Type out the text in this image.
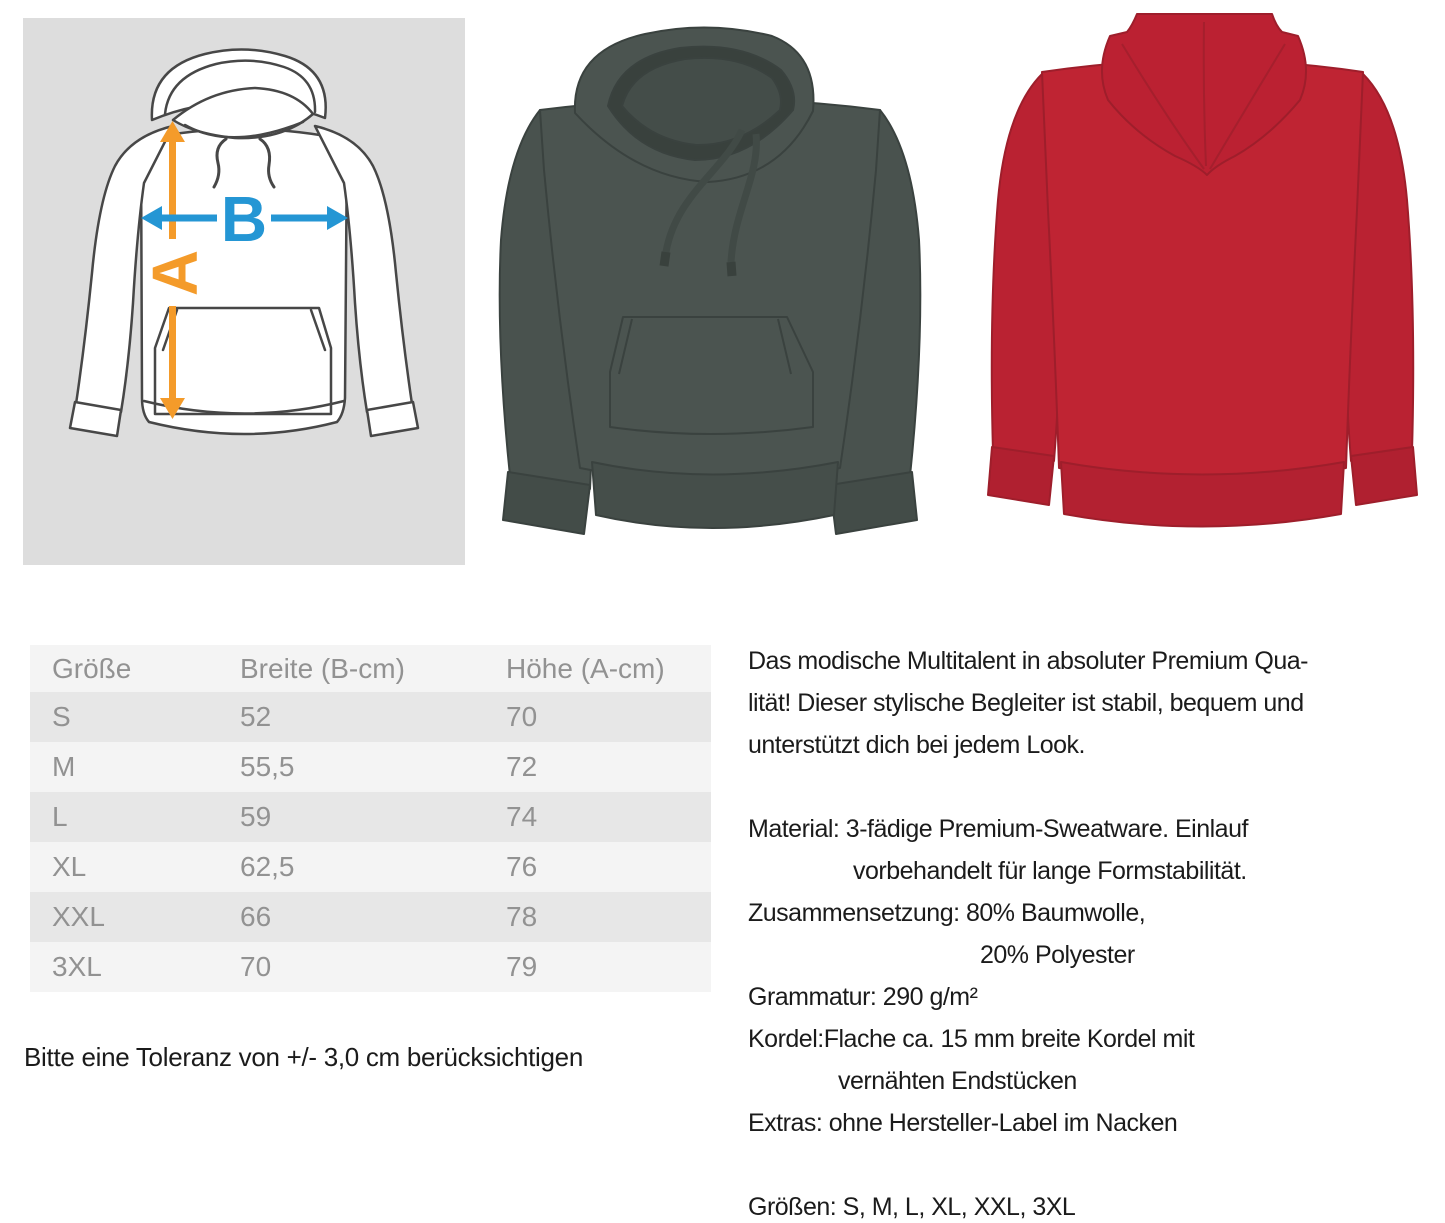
A
B
Größe	Breite (B-cm)	Höhe (A-cm)
S	52	70
M	55,5	72
L	59	74
XL	62,5	76
XXL	66	78
3XL	70	79
Bitte eine Toleranz von +/- 3,0 cm berücksichtigen
Das modische Multitalent in absoluter Premium Qua-
lität! Dieser stylische Begleiter ist stabil, bequem und
unterstützt dich bei jedem Look.

Material: 3-fädige Premium-Sweatware. Einlauf
vorbehandelt für lange Formstabilität.
Zusammensetzung: 80% Baumwolle,
20% Polyester
Grammatur: 290 g/m²
Kordel:Flache ca. 15 mm breite Kordel mit
vernähten Endstücken
Extras: ohne Hersteller-Label im Nacken

Größen: S, M, L, XL, XXL, 3XL
